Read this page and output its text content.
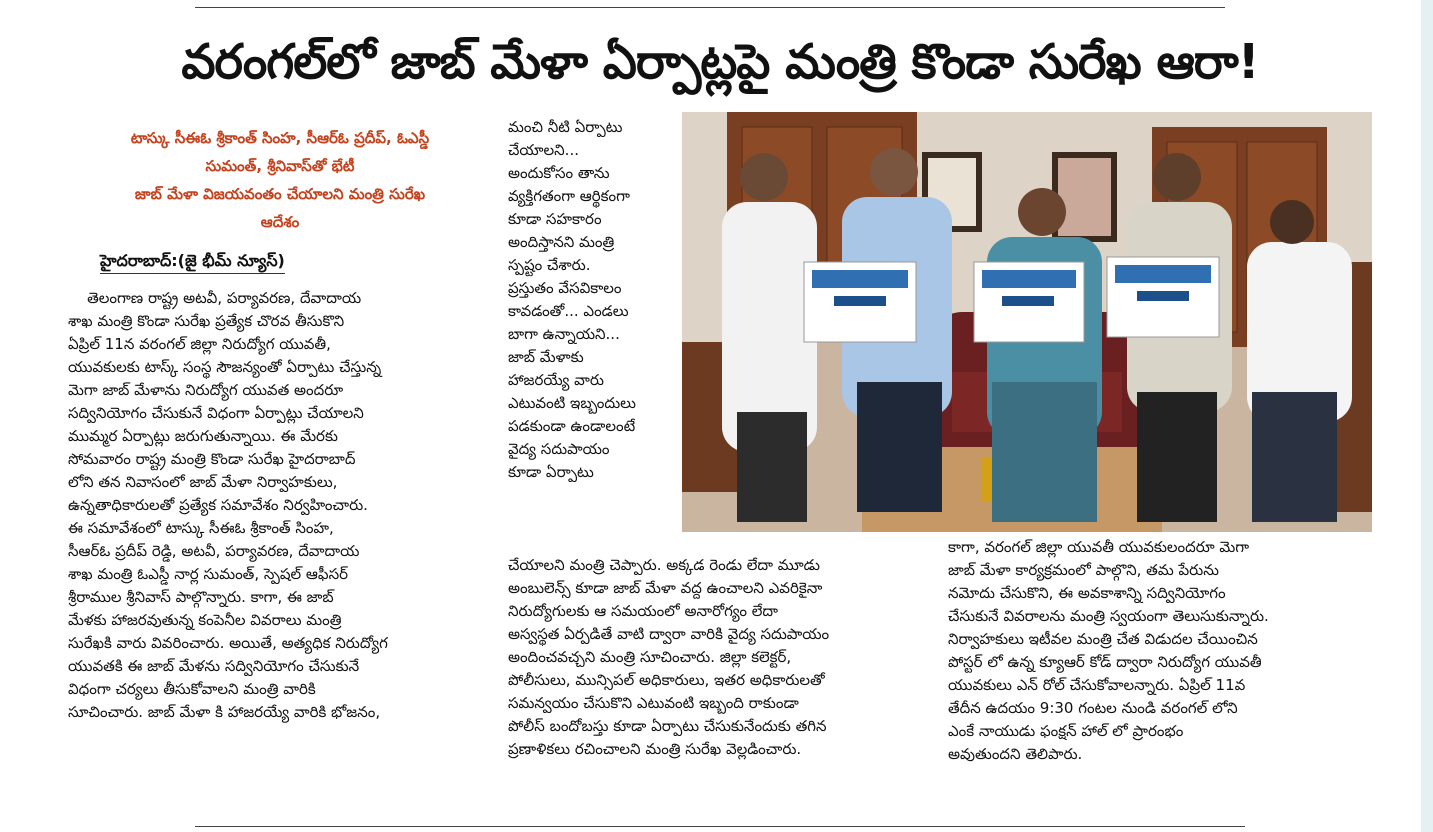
వరంగల్‌లో జాబ్ మేళా ఏర్పాట్లపై మంత్రి కొండా సురేఖ ఆరా!

టాస్కు సీఈఓ శ్రీకాంత్ సింహ, సీఆర్ఓ ప్రదీప్, ఓఎస్డీ

సుమంత్, శ్రీనివాస్‌తో భేటీ

జాబ్ మేళా విజయవంతం చేయాలని మంత్రి సురేఖ

ఆదేశం

హైదరాబాద్:(జై భీమ్ న్యూస్)

తెలంగాణ రాష్ట్ర అటవీ, పర్యావరణ, దేవాదాయ

శాఖ మంత్రి కొండా సురేఖ ప్రత్యేక చొరవ తీసుకొని

ఏప్రిల్ 11న వరంగల్ జిల్లా నిరుద్యోగ యువతీ,

యువకులకు టాస్క్ సంస్థ సౌజన్యంతో ఏర్పాటు చేస్తున్న

మెగా జాబ్ మేళాను నిరుద్యోగ యువత అందరూ

సద్వినియోగం చేసుకునే విధంగా ఏర్పాట్లు చేయాలని

ముమ్మర ఏర్పాట్లు జరుగుతున్నాయి. ఈ మేరకు

సోమవారం రాష్ట్ర మంత్రి కొండా సురేఖ హైదరాబాద్

లోని తన నివాసంలో జాబ్ మేళా నిర్వాహకులు,

ఉన్నతాధికారులతో ప్రత్యేక సమావేశం నిర్వహించారు.

ఈ సమావేశంలో టాస్కు సీఈఓ శ్రీకాంత్ సింహ,

సీఆర్ఓ ప్రదీప్ రెడ్డి, అటవీ, పర్యావరణ, దేవాదాయ

శాఖ మంత్రి ఓఎస్డీ నార్ల సుమంత్, స్పెషల్ ఆఫీసర్

శ్రీరాముల శ్రీనివాస్ పాల్గొన్నారు. కాగా, ఈ జాబ్

మేళకు హాజరవుతున్న కంపెనీల వివరాలు మంత్రి

సురేఖకి వారు వివరించారు. అయితే, అత్యధిక నిరుద్యోగ

యువతకి ఈ జాబ్ మేళను సద్వినియోగం చేసుకునే

విధంగా చర్యలు తీసుకోవాలని మంత్రి వారికి

సూచించారు. జాబ్ మేళా కి హాజరయ్యే వారికి భోజనం,

మంచి నీటి ఏర్పాటు

చేయాలని...

అందుకోసం తాను

వ్యక్తిగతంగా ఆర్థికంగా

కూడా సహకారం

అందిస్తానని మంత్రి

స్పష్టం చేశారు.

ప్రస్తుతం వేసవికాలం

కావడంతో... ఎండలు

బాగా ఉన్నాయని...

జాబ్ మేళాకు

హాజరయ్యే వారు

ఎటువంటి ఇబ్బందులు

పడకుండా ఉండాలంటే

వైద్య సదుపాయం

కూడా ఏర్పాటు

చేయాలని మంత్రి చెప్పారు. అక్కడ రెండు లేదా మూడు

అంబులెన్స్ కూడా జాబ్ మేళా వద్ద ఉంచాలని ఎవరికైనా

నిరుద్యోగులకు ఆ సమయంలో అనారోగ్యం లేదా

అస్వస్థత ఏర్పడితే వాటి ద్వారా వారికి వైద్య సదుపాయం

అందించవచ్చని మంత్రి సూచించారు. జిల్లా కలెక్టర్,

పోలీసులు, మున్సిపల్ అధికారులు, ఇతర అధికారులతో

సమన్వయం చేసుకొని ఎటువంటి ఇబ్బంది రాకుండా

పోలీస్ బందోబస్తు కూడా ఏర్పాటు చేసుకునేందుకు తగిన

ప్రణాళికలు రచించాలని మంత్రి సురేఖ వెల్లడించారు.

కాగా, వరంగల్ జిల్లా యువతీ యువకులందరూ మెగా

జాబ్ మేళా కార్యక్రమంలో పాల్గొని, తమ పేరును

నమోదు చేసుకొని, ఈ అవకాశాన్ని సద్వినియోగం

చేసుకునే వివరాలను మంత్రి స్వయంగా తెలుసుకున్నారు.

నిర్వాహకులు ఇటీవల మంత్రి చేత విడుదల చేయించిన

పోస్టర్ లో ఉన్న క్యూఆర్ కోడ్ ద్వారా నిరుద్యోగ యువతీ

యువకులు ఎన్ రోల్ చేసుకోవాలన్నారు. ఏప్రిల్ 11వ

తేదీన ఉదయం 9:30 గంటల నుండి వరంగల్ లోని

ఎంకే నాయుడు ఫంక్షన్ హాల్ లో ప్రారంభం

అవుతుందని తెలిపారు.
